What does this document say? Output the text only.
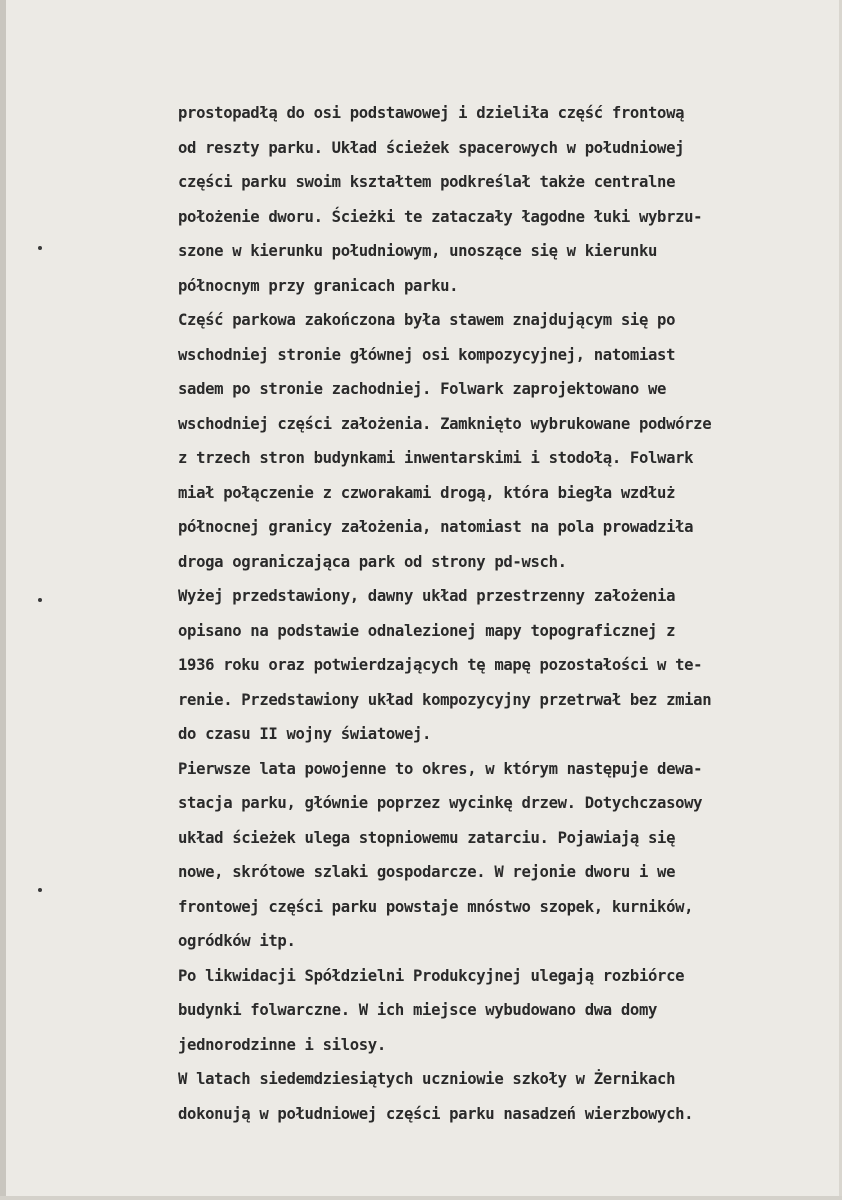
prostopadłą do osi podstawowej i dzieliła część frontową
od reszty parku. Układ ścieżek spacerowych w południowej
części parku swoim kształtem podkreślał także centralne
położenie dworu. Ścieżki te zataczały łagodne łuki wybrzu-
szone w kierunku południowym, unoszące się w kierunku
północnym przy granicach parku.
Część parkowa zakończona była stawem znajdującym się po
wschodniej stronie głównej osi kompozycyjnej, natomiast
sadem po stronie zachodniej. Folwark zaprojektowano we
wschodniej części założenia. Zamknięto wybrukowane podwórze
z trzech stron budynkami inwentarskimi i stodołą. Folwark
miał połączenie z czworakami drogą, która biegła wzdłuż
północnej granicy założenia, natomiast na pola prowadziła
droga ograniczająca park od strony pd-wsch.
Wyżej przedstawiony, dawny układ przestrzenny założenia
opisano na podstawie odnalezionej mapy topograficznej z
1936 roku oraz potwierdzających tę mapę pozostałości w te-
renie. Przedstawiony układ kompozycyjny przetrwał bez zmian
do czasu II wojny światowej.
Pierwsze lata powojenne to okres, w którym następuje dewa-
stacja parku, głównie poprzez wycinkę drzew. Dotychczasowy
układ ścieżek ulega stopniowemu zatarciu. Pojawiają się
nowe, skrótowe szlaki gospodarcze. W rejonie dworu i we
frontowej części parku powstaje mnóstwo szopek, kurników,
ogródków itp.
Po likwidacji Spółdzielni Produkcyjnej ulegają rozbiórce
budynki folwarczne. W ich miejsce wybudowano dwa domy
jednorodzinne i silosy.
W latach siedemdziesiątych uczniowie szkoły w Żernikach
dokonują w południowej części parku nasadzeń wierzbowych.
